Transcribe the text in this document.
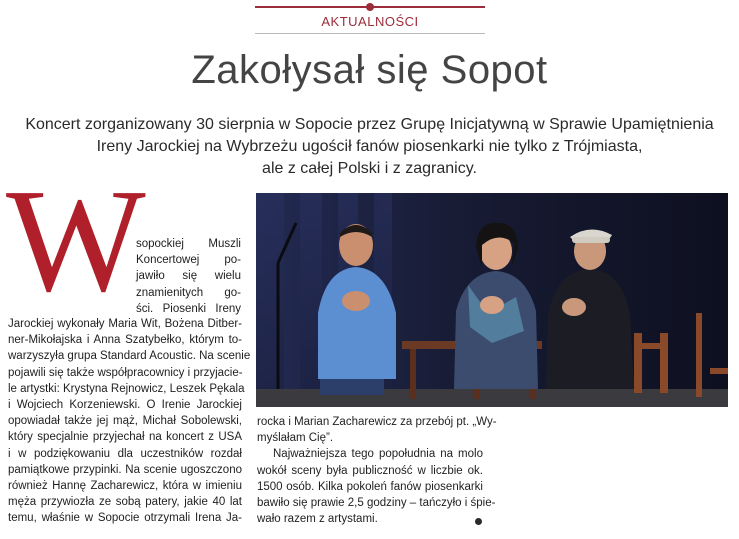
AKTUALNOŚCI
Zakołysał się Sopot
Koncert zorganizowany 30 sierpnia w Sopocie przez Grupę Inicjatywną w Sprawie Upamiętnienia
Ireny Jarockiej na Wybrzeżu ugościł fanów piosenkarki nie tylko z Trójmiasta,
ale z całej Polski i z zagranicy.
W
sopockiej Muszli
Koncertowej po-
jawiło się wielu
znamienitych go-
ści. Piosenki Ireny
Jarockiej wykonały Maria Wit, Bożena Ditber-
ner-Mikołajska i Anna Szatybełko, którym to-
warzyszyła grupa Standard Acoustic. Na scenie
pojawili się także współpracownicy i przyjacie-
le artystki: Krystyna Rejnowicz, Leszek Pękala
i Wojciech Korzeniewski. O Irenie Jarockiej
opowiadał także jej mąż, Michał Sobolewski,
który specjalnie przyjechał na koncert z USA
i w podziękowaniu dla uczestników rozdał
pamiątkowe przypinki. Na scenie ugoszczono
również Hannę Zacharewicz, która w imieniu
męża przywiozła ze sobą patery, jakie 40 lat
temu, właśnie w Sopocie otrzymali Irena Ja-
rocka i Marian Zacharewicz za przebój pt. „Wy-
myślałam Cię”.
Najważniejsza tego popołudnia na molo
wokół sceny była publiczność w liczbie ok.
1500 osób. Kilka pokoleń fanów piosenkarki
bawiło się prawie 2,5 godziny – tańczyło i śpie-
wało razem z artystami.
